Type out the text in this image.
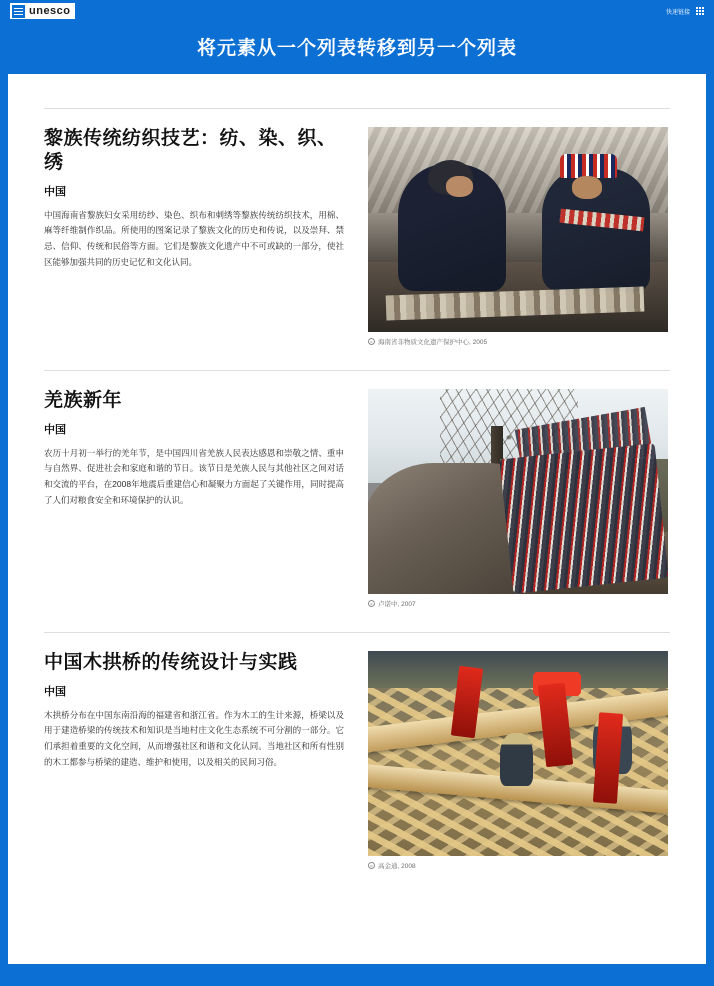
unesco	快速链接
将元素从一个列表转移到另一个列表
黎族传统纺织技艺：纺、染、织、绣
中国

中国海南省黎族妇女采用纺纱、染色、织布和刺绣等黎族传统纺织技术，用棉、麻等纤维制作织品。所使用的图案记录了黎族文化的历史和传说，以及崇拜、禁忌、信仰、传统和民俗等方面。它们是黎族文化遗产中不可或缺的一部分，使社区能够加强共同的历史记忆和文化认同。

c 海南省非物质文化遗产保护中心, 2005
羌族新年
中国

农历十月初一举行的羌年节，是中国四川省羌族人民表达感恩和崇敬之情、重申与自然界、促进社会和家庭和谐的节日。该节日是羌族人民与其他社区之间对话和交流的平台，在2008年地震后重建信心和凝聚力方面起了关键作用，同时提高了人们对粮食安全和环境保护的认识。

c 卢诺中, 2007
中国木拱桥的传统设计与实践
中国

木拱桥分布在中国东南沿海的福建省和浙江省。作为木工的生计来源，桥梁以及用于建造桥梁的传统技术和知识是当地村庄文化生态系统不可分割的一部分。它们承担着重要的文化空间，从而增强社区和谐和文化认同。当地社区和所有性别的木工都参与桥梁的建造、维护和使用，以及相关的民间习俗。

c 高金通, 2008
